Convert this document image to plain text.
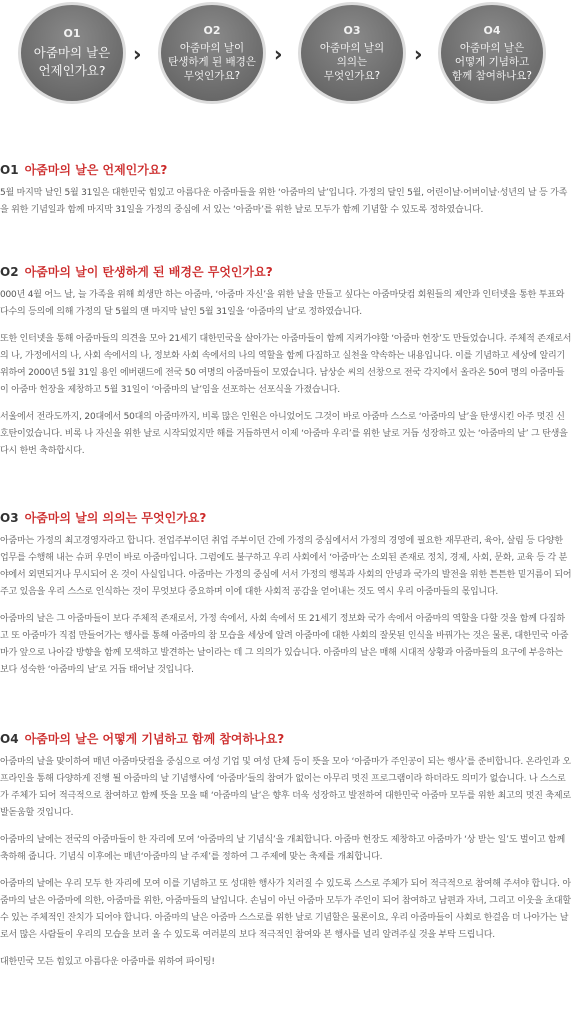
O1
아줌마의 날은
언제인가요?
››
O2
아줌마의 날이
탄생하게 된 배경은
무엇인가요?
››
O3
아줌마의 날의
의의는
무엇인가요?
››
O4
아줌마의 날은
어떻게 기념하고
함께 참여하나요?
O1 아줌마의 날은 언제인가요?

5월 마지막 날인 5월 31일은 대한민국 힘있고 아름다운 아줌마들을 위한 ‘아줌마의 날’입니다. 가정의 달인 5월, 어린이날·어버이날·성년의 날 등 가족을 위한 기념일과 함께 마지막 31일을 가정의 중심에 서 있는 ‘아줌마’를 위한 날로 모두가 함께 기념할 수 있도록 정하였습니다.

O2 아줌마의 날이 탄생하게 된 배경은 무엇인가요?

000년 4월 어느 날, 늘 가족을 위해 희생만 하는 아줌마, ‘아줌마 자신’을 위한 날을 만들고 싶다는 아줌마닷컴 회원들의 제안과 인터넷을 통한 투표와 다수의 등의에 의해 가정의 달 5월의 맨 마지막 날인 5월 31일을 ‘아줌마의 날’로 정하였습니다.

또한 인터넷을 통해 아줌마들의 의견을 모아 21세기 대한민국을 살아가는 아줌마들이 함께 지켜가야할 ‘아줌마 헌장’도 만들었습니다. 주체적 존재로서의 나, 가정에서의 나, 사회 속에서의 나, 정보화 사회 속에서의 나의 역할을 함께 다짐하고 실천을 약속하는 내용입니다. 이를 기념하고 세상에 알리기 위하여 2000년 5월 31일 용인 에버랜드에 전국 50 여명의 아줌마들이 모였습니다. 남상순 씨의 선창으로 전국 각지에서 올라온 50여 명의 아줌마들이 아줌마 헌장을 제창하고 5월 31일이 ‘아줌마의 날’임을 선포하는 선포식을 가졌습니다.

서울에서 전라도까지, 20대에서 50대의 아줌마까지, 비록 많은 인원은 아니었어도 그것이 바로 아줌마 스스로 ‘아줌마의 날’을 탄생시킨 아주 멋진 신호탄이었습니다. 비록 나 자신을 위한 날로 시작되었지만 해를 거듭하면서 이제 ‘아줌마 우리’를 위한 날로 거듭 성장하고 있는 ‘아줌마의 날’ 그 탄생을 다시 한번 축하합시다.

O3 아줌마의 날의 의의는 무엇인가요?

아줌마는 가정의 최고경영자라고 합니다. 전업주부이던 취업 주부이던 간에 가정의 중심에서서 가정의 경영에 필요한 재무관리, 육아, 살림 등 다양한 업무를 수행해 내는 슈퍼 우먼이 바로 아줌마입니다. 그럼에도 불구하고 우리 사회에서 ‘아줌마’는 소외된 존재로 정치, 경제, 사회, 문화, 교육 등 각 분야에서 외면되거나 무시되어 온 것이 사실입니다. 아줌마는 가정의 중심에 서서 가정의 행복과 사회의 안녕과 국가의 발전을 위한 튼튼한 밑거름이 되어 주고 있음을 우리 스스로 인식하는 것이 무엇보다 중요하며 이에 대한 사회적 공감을 얻어내는 것도 역시 우리 아줌마들의 몫입니다.

아줌마의 날은 그 아줌마들이 보다 주체적 존재로서, 가정 속에서, 사회 속에서 또 21세기 정보화 국가 속에서 아줌마의 역할을 다할 것을 함께 다짐하고 또 아줌마가 직접 만들어가는 행사를 통해 아줌마의 참 모습을 세상에 알려 아줌마에 대한 사회의 잘못된 인식을 바꿔가는 것은 물론, 대한민국 아줌마가 앞으로 나아갈 방향을 함께 모색하고 발견하는 날이라는 데 그 의의가 있습니다. 아줌마의 날은 매해 시대적 상황과 아줌마들의 요구에 부응하는 보다 성숙한 ‘아줌마의 날’로 거듭 태어날 것입니다.

O4 아줌마의 날은 어떻게 기념하고 함께 참여하나요?

아줌마의 날을 맞이하여 매년 아줌마닷컴을 중심으로 여성 기업 및 여성 단체 등이 뜻을 모아 ‘아줌마가 주인공이 되는 행사’를 준비합니다. 온라인과 오프라인을 통해 다양하게 진행 될 아줌마의 날 기념행사에 ‘아줌마’들의 참여가 없이는 아무리 멋진 프로그램이라 하더라도 의미가 없습니다. 나 스스로가 주체가 되어 적극적으로 참여하고 함께 뜻을 모을 때 ‘아줌마의 날’은 향후 더욱 성장하고 발전하여 대한민국 아줌마 모두를 위한 최고의 멋진 축제로 발돋움할 것입니다.

아줌마의 날에는 전국의 아줌마들이 한 자리에 모여 ‘아줌마의 날 기념식’을 개최합니다. 아줌마 헌장도 제창하고 아줌마가 ‘상 받는 일’도 벌이고 함께 축하해 줍니다. 기념식 이후에는 매년‘아줌마의 날 주제’를 정하여 그 주제에 맞는 축제를 개최합니다.

아줌마의 날에는 우리 모두 한 자리에 모여 이를 기념하고 또 성대한 행사가 치러질 수 있도록 스스로 주체가 되어 적극적으로 참여해 주셔야 합니다. 아줌마의 날은 아줌마에 의한, 아줌마를 위한, 아줌마들의 날입니다. 손님이 아닌 아줌마 모두가 주인이 되어 참여하고 남편과 자녀, 그리고 이웃을 초대할 수 있는 주체적인 잔치가 되어야 합니다. 아줌마의 날은 아줌마 스스로를 위한 날로 기념할은 물론이요, 우리 아줌마들이 사회로 한걸음 더 나아가는 날로서 많은 사람들이 우리의 모습을 보러 올 수 있도록 여러분의 보다 적극적인 참여와 본 행사를 널리 알려주실 것을 부탁 드립니다.

대한민국 모든 힘있고 아름다운 아줌마를 위하여 파이팅!
